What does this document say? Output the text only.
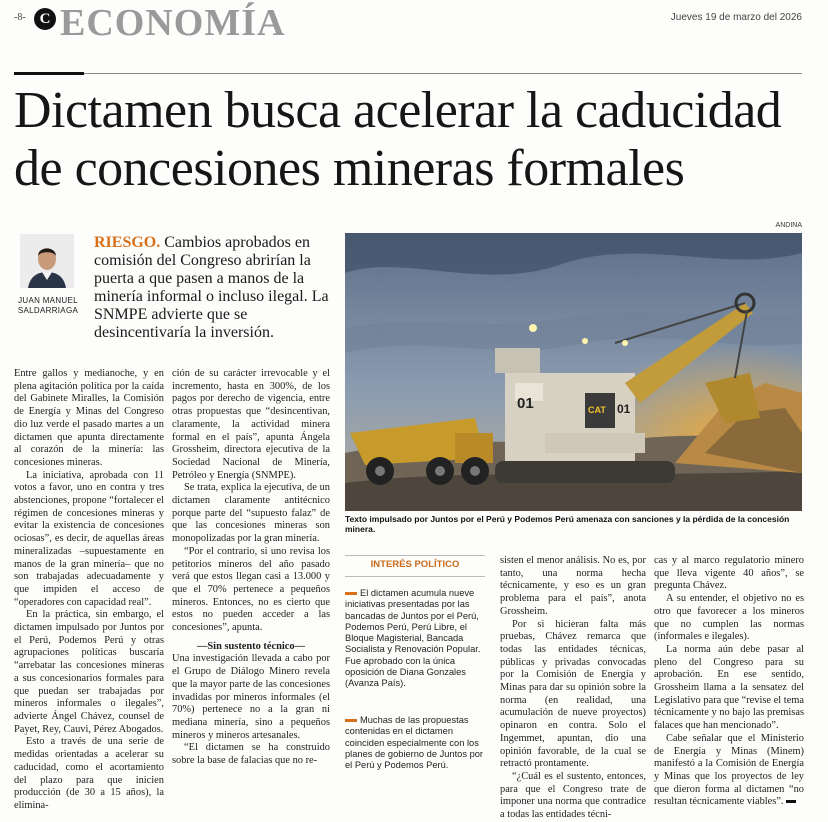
-8- C ECONOMÍA	Jueves 19 de marzo del 2026
Dictamen busca acelerar la caducidad de concesiones mineras formales
JUAN MANUEL
SALDARRIAGA
RIESGO. Cambios aprobados en comisión del Congreso abrirían la puerta a que pasen a manos de la minería informal o incluso ilegal. La SNMPE advierte que se desincentivaría la inversión.
ANDINA
01	CAT 01
Texto impulsado por Juntos por el Perú y Podemos Perú amenaza con sanciones y la pérdida de la concesión minera.

Entre gallos y medianoche, y en plena agitación política por la caída del Gabinete Miralles, la Comisión de Energía y Minas del Congreso dio luz verde el pasado martes a un dictamen que apunta directamente al corazón de la minería: las concesiones mineras.

La iniciativa, aprobada con 11 votos a favor, uno en contra y tres abstenciones, propone “fortalecer el régimen de concesiones mineras y evitar la existencia de concesiones ociosas”, es decir, de aquellas áreas mineralizadas –supuestamente en manos de la gran minería– que no son trabajadas adecuadamente y que impiden el acceso de “operadores con capacidad real”.

En la práctica, sin embargo, el dictamen impulsado por Juntos por el Perú, Podemos Perú y otras agrupaciones políticas buscaría “arrebatar las concesiones mineras a sus concesionarios formales para que puedan ser trabajadas por mineros informales o ilegales”, advierte Ángel Chávez, counsel de Payet, Rey, Cauvi, Pérez Abogados.

Esto a través de una serie de medidas orientadas a acelerar su caducidad, como el acortamiento del plazo para que inicien producción (de 30 a 15 años), la elimina-

ción de su carácter irrevocable y el incremento, hasta en 300%, de los pagos por derecho de vigencia, entre otras propuestas que “desincentivan, claramente, la actividad minera formal en el país”, apunta Ángela Grossheim, directora ejecutiva de la Sociedad Nacional de Minería, Petróleo y Energía (SNMPE).

Se trata, explica la ejecutiva, de un dictamen claramente antitécnico porque parte del “supuesto falaz” de que las concesiones mineras son monopolizadas por la gran minería.

“Por el contrario, si uno revisa los petitorios mineros del año pasado verá que estos llegan casi a 13.000 y que el 70% pertenece a pequeños mineros. Entonces, no es cierto que estos no pueden acceder a las concesiones”, apunta.

—Sin sustento técnico—

Una investigación llevada a cabo por el Grupo de Diálogo Minero revela que la mayor parte de las concesiones invadidas por mineros informales (el 70%) pertenece no a la gran ni mediana minería, sino a pequeños mineros y mineros artesanales.

“El dictamen se ha construido sobre la base de falacias que no re-

INTERÉS POLÍTICO
El dictamen acumula nueve iniciativas presentadas por las bancadas de Juntos por el Perú, Podemos Perú, Perú Libre, el Bloque Magisterial, Bancada Socialista y Renovación Popular. Fue aprobado con la única oposición de Diana Gonzales (Avanza País).
Muchas de las propuestas contenidas en el dictamen coinciden especialmente con los planes de gobierno de Juntos por el Perú y Podemos Perú.

sisten el menor análisis. No es, por tanto, una norma hecha técnicamente, y eso es un gran problema para el país”, anota Grossheim.

Por si hicieran falta más pruebas, Chávez remarca que todas las entidades técnicas, públicas y privadas convocadas por la Comisión de Energía y Minas para dar su opinión sobre la norma (en realidad, una acumulación de nueve proyectos) opinaron en contra. Solo el Ingemmet, apuntan, dio una opinión favorable, de la cual se retractó prontamente.

“¿Cuál es el sustento, entonces, para que el Congreso trate de imponer una norma que contradice a todas las entidades técni-

cas y al marco regulatorio minero que lleva vigente 40 años”, se pregunta Chávez.

A su entender, el objetivo no es otro que favorecer a los mineros que no cumplen las normas (informales e ilegales).

La norma aún debe pasar al pleno del Congreso para su aprobación. En ese sentido, Grossheim llama a la sensatez del Legislativo para que “revise el tema técnicamente y no bajo las premisas falaces que han mencionado”.

Cabe señalar que el Ministerio de Energía y Minas (Minem) manifestó a la Comisión de Energía y Minas que los proyectos de ley que dieron forma al dictamen “no resultan técnicamente viables”.
